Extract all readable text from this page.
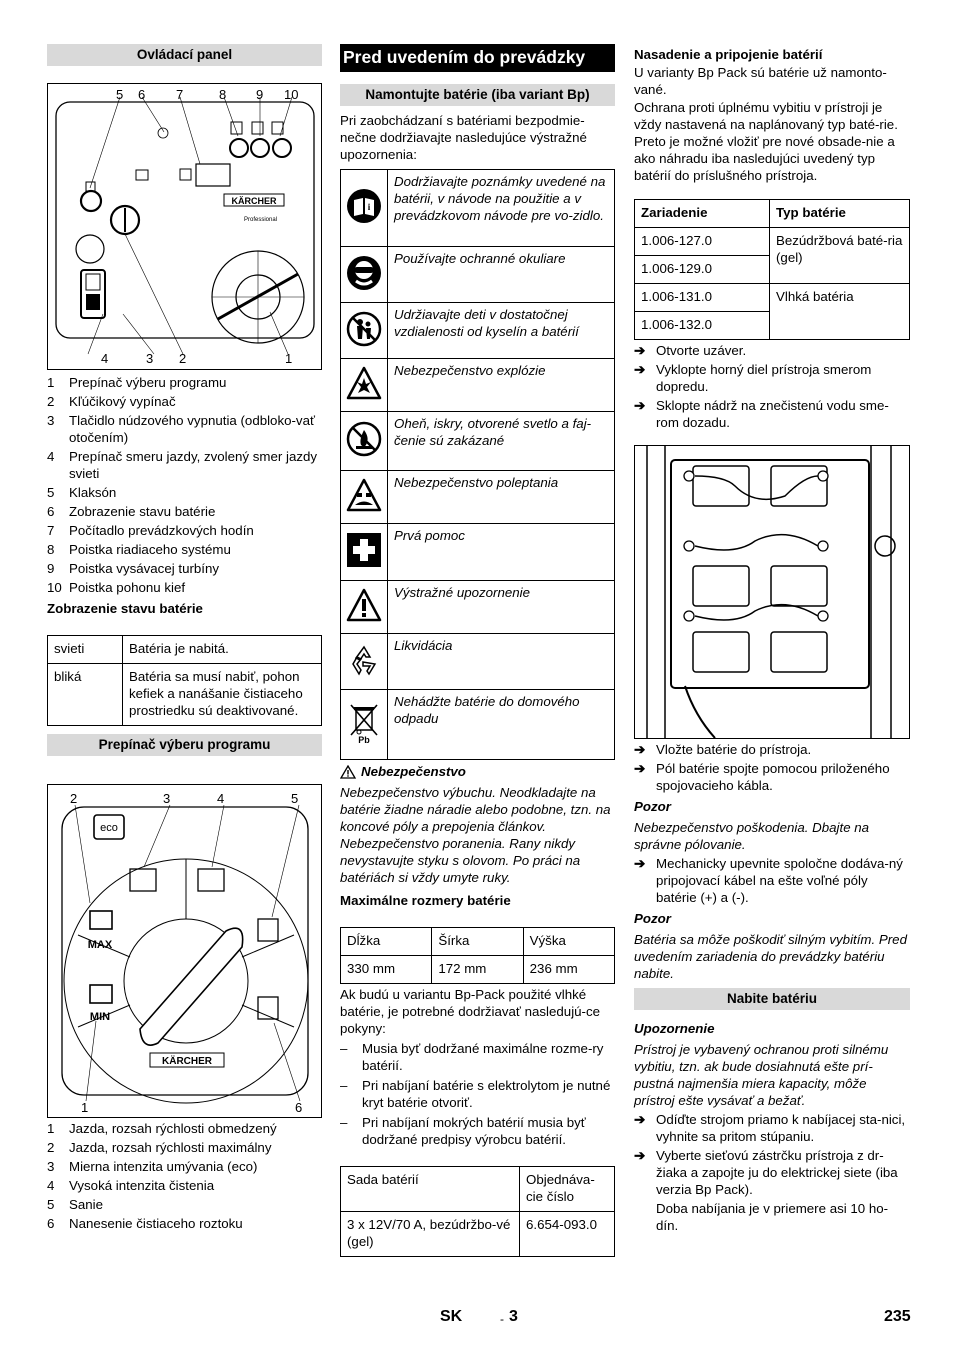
Ovládací panel
KÄRCHER
Professional
5 6 7	8 9 10
4	3 2	1
1	Prepínač výberu programu
2	Kľúčikový vypínač
3	Tlačidlo núdzového vypnutia (odbloko-vať otočením)
4	Prepínač smeru jazdy, zvolený smer jazdy svieti
5	Klaksón
6	Zobrazenie stavu batérie
7	Počítadlo prevádzkových hodín
8	Poistka riadiaceho systému
9	Poistka vysávacej turbíny
10 Poistka pohonu kief
Zobrazenie stavu batérie
svieti	Batéria je nabitá.
bliká	Batéria sa musí nabiť, pohon kefiek a nanášanie čistiaceho prostriedku sú deaktivované.
Prepínač výberu programu
eco
MAX
MIN
KÄRCHER
2	3	4	5
1	6
1	Jazda, rozsah rýchlosti obmedzený
2	Jazda, rozsah rýchlosti maximálny
3	Mierna intenzita umývania (eco)
4	Vysoká intenzita čistenia
5	Sanie
6	Nanesenie čistiaceho roztoku
Pred uvedením do prevádzky
Namontujte batérie (iba variant Bp)

Pri zaobchádzaní s batériami bezpodmie-nečne dodržiavajte nasledujúce výstražné upozornenia:

i	Dodržiavajte poznámky uvedené na batérii, v návode na použitie a v prevádzkovom návode pre vo-zidlo.
	Používajte ochranné okuliare
	Udržiavajte deti v dostatočnej vzdialenosti od kyselín a batérií
	Nebezpečenstvo explózie
	Oheň, iskry, otvorené svetlo a faj-čenie sú zakázané
	Nebezpečenstvo poleptania
	Prvá pomoc
	Výstražné upozornenie
	Likvidácia

Pb	Nehádžte batérie do domového odpadu
Nebezpečenstvo

Nebezpečenstvo výbuchu. Neodkladajte na batérie žiadne náradie alebo podobne, tzn. na koncové póly a prepojenia článkov. Nebezpečenstvo poranenia. Rany nikdy nevystavujte styku s olovom. Po práci na batériách si vždy umyte ruky.

Maximálne rozmery batérie
Dĺžka	Šírka	Výška
330 mm	172 mm	236 mm

Ak budú u variantu Bp-Pack použité vlhké batérie, je potrebné dodržiavať nasledujú-ce pokyny:

–	Musia byť dodržané maximálne rozme-ry batérií.
–	Pri nabíjaní batérie s elektrolytom je nutné kryt batérie otvoriť.
–	Pri nabíjaní mokrých batérií musia byť dodržané predpisy výrobcu batérií.
Sada batérií	Objednáva-cie číslo
3 x 12V/70 A, bezúdržbo-vé (gel)	6.654-093.0
Nasadenie a pripojenie batérií

U varianty Bp Pack sú batérie už namonto-vané.

Ochrana proti úplnému vybitiu v prístroji je vždy nastavená na naplánovaný typ baté-rie. Preto je možné vložiť pre nové obsade-nie a ako náhradu iba nasledujúci uvedený typ batérií do príslušného prístroja.

Zariadenie	Typ batérie
1.006-127.0	Bezúdržbová baté-ria (gel)
1.006-129.0	
1.006-131.0	Vlhká batéria
1.006-132.0	
➔ Otvorte uzáver.
➔ Vyklopte horný diel prístroja smerom dopredu.
➔ Sklopte nádrž na znečistenú vodu sme-rom dozadu.
➔ Vložte batérie do prístroja.
➔ Pól batérie spojte pomocou priloženého spojovacieho kábla.
Pozor

Nebezpečenstvo poškodenia. Dbajte na správne pólovanie.

➔ Mechanicky upevnite spoločne dodáva-ný pripojovací kábel na ešte voľné póly batérie (+) a (-).
Pozor

Batéria sa môže poškodiť silným vybitím. Pred uvedením zariadenia do prevádzky batériu nabite.

Nabite batériu
Upozornenie

Prístroj je vybavený ochranou proti silnému vybitiu, tzn. ak bude dosiahnutá ešte prí-pustná najmenšia miera kapacity, môže prístroj ešte vysávať a bežať.

➔ Odíďte strojom priamo k nabíjacej sta-nici, vyhnite sa pritom stúpaniu.
➔ Vyberte sieťovú zástrčku prístroja z dr-žiaka a zapojte ju do elektrickej siete (iba verzia Bp Pack).
Doba nabíjania je v priemere asi 10 ho-dín.
SK	- 3	235
